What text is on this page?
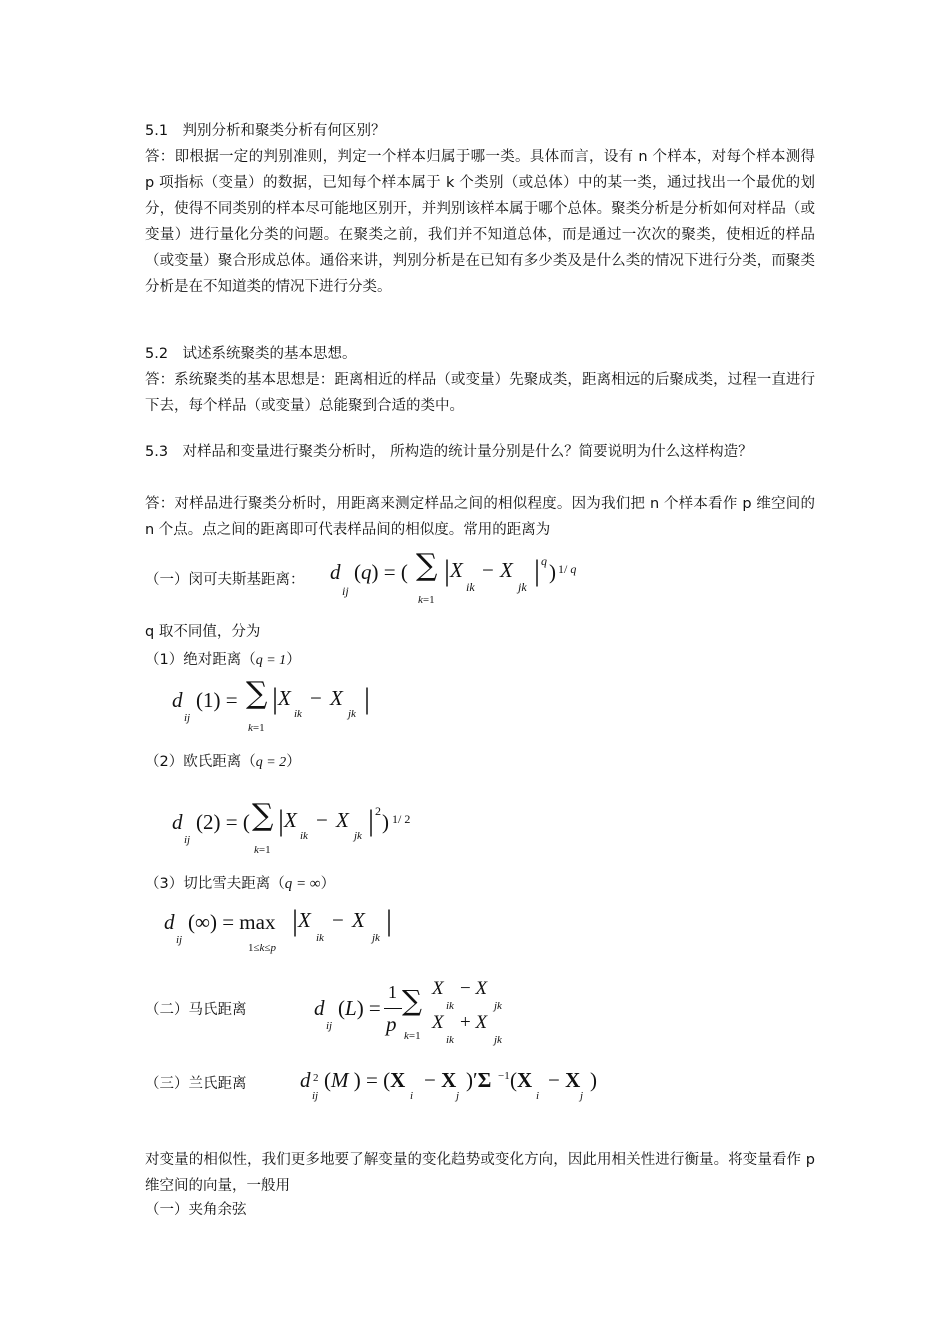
5.1　判别分析和聚类分析有何区别？

答：即根据一定的判别准则，判定一个样本归属于哪一类。具体而言，设有 n 个样本，对每个样本测得 p 项指标（变量）的数据，已知每个样本属于 k 个类别（或总体）中的某一类，通过找出一个最优的划分，使得不同类别的样本尽可能地区别开，并判别该样本属于哪个总体。聚类分析是分析如何对样品（或变量）进行量化分类的问题。在聚类之前，我们并不知道总体，而是通过一次次的聚类，使相近的样品（或变量）聚合形成总体。通俗来讲，判别分析是在已知有多少类及是什么类的情况下进行分类，而聚类分析是在不知道类的情况下进行分类。

5.2　试述系统聚类的基本思想。

答：系统聚类的基本思想是：距离相近的样品（或变量）先聚成类，距离相远的后聚成类，过程一直进行下去，每个样品（或变量）总能聚到合适的类中。

5.3　对样品和变量进行聚类分析时， 所构造的统计量分别是什么？简要说明为什么这样构造？

答：对样品进行聚类分析时，用距离来测定样品之间的相似程度。因为我们把 n 个样本看作 p 维空间的 n 个点。点之间的距离即可代表样品间的相似度。常用的距离为

（一）闵可夫斯基距离： d
ij
(q) = ( ∑
k=1
| X
ik
− X
jk | q ) 1/ q
q 取不同值，分为
（1）绝对距离（q = 1）
d
ij
(1) = ∑
k=1
| X
ik
− X
jk |
（2）欧氏距离（q = 2）
d
ij
(2) = ( ∑
k=1
| X
ik
− X
jk | 2 ) 1/ 2
（3）切比雪夫距离（q = ∞）
d
ij
(∞) = max
1≤k≤p
| X
ik
− X
jk
|
（二）马氏距离	d
ij
(L) =
1
p
∑
k=1
X
ik
− X
jk
X
ik
+ X
jk
（三）兰氏距离	d 2
ij
(M ) = (X
i
− X
j
)′Σ −1 (X
i
− X
j
)

对变量的相似性，我们更多地要了解变量的变化趋势或变化方向，因此用相关性进行衡量。将变量看作 p 维空间的向量，一般用

（一）夹角余弦
